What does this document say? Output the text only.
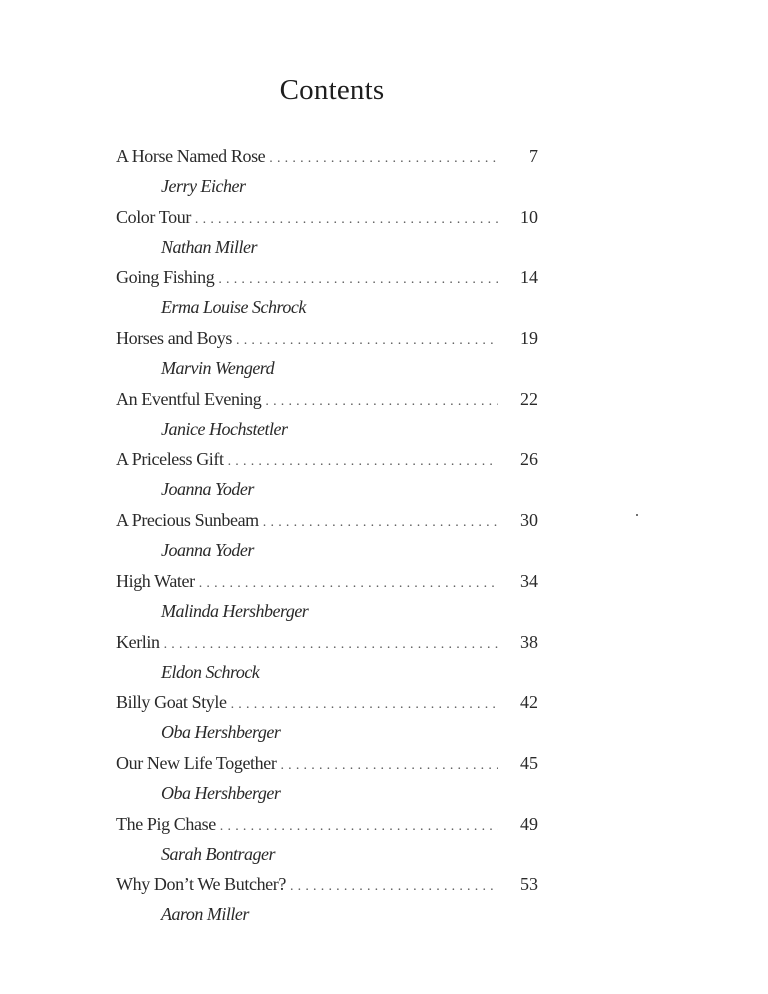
Contents
A Horse Named Rose . . .	7
Jerry Eicher
Color Tour . . .	10
Nathan Miller
Going Fishing . . .	14
Erma Louise Schrock
Horses and Boys . . .	19
Marvin Wengerd
An Eventful Evening . . .	22
Janice Hochstetler
A Priceless Gift . . .	26
Joanna Yoder
A Precious Sunbeam . . .	30
Joanna Yoder
High Water . . .	34
Malinda Hershberger
Kerlin . . .	38
Eldon Schrock
Billy Goat Style . . .	42
Oba Hershberger
Our New Life Together . . .	45
Oba Hershberger
The Pig Chase . . .	49
Sarah Bontrager
Why Don’t We Butcher? . . .	53
Aaron Miller
